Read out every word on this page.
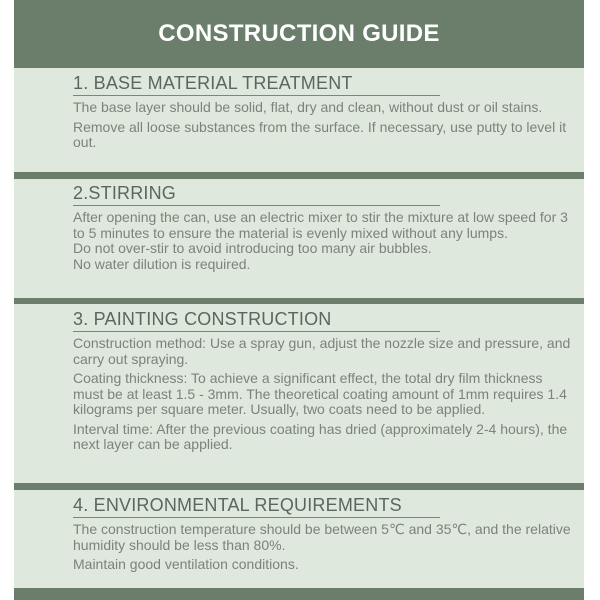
CONSTRUCTION GUIDE
1. BASE MATERIAL TREATMENT

The base layer should be solid, flat, dry and clean, without dust or oil stains.

Remove all loose substances from the surface. If necessary, use putty to level it out.

2.STIRRING

After opening the can, use an electric mixer to stir the mixture at low speed for 3 to 5 minutes to ensure the material is evenly mixed without any lumps.

Do not over-stir to avoid introducing too many air bubbles.

No water dilution is required.

3. PAINTING CONSTRUCTION

Construction method: Use a spray gun, adjust the nozzle size and pressure, and carry out spraying.

Coating thickness: To achieve a significant effect, the total dry film thickness must be at least 1.5 - 3mm. The theoretical coating amount of 1mm requires 1.4 kilograms per square meter. Usually, two coats need to be applied.

Interval time: After the previous coating has dried (approximately 2-4 hours), the next layer can be applied.

4. ENVIRONMENTAL REQUIREMENTS

The construction temperature should be between 5℃ and 35℃, and the relative humidity should be less than 80%.

Maintain good ventilation conditions.
